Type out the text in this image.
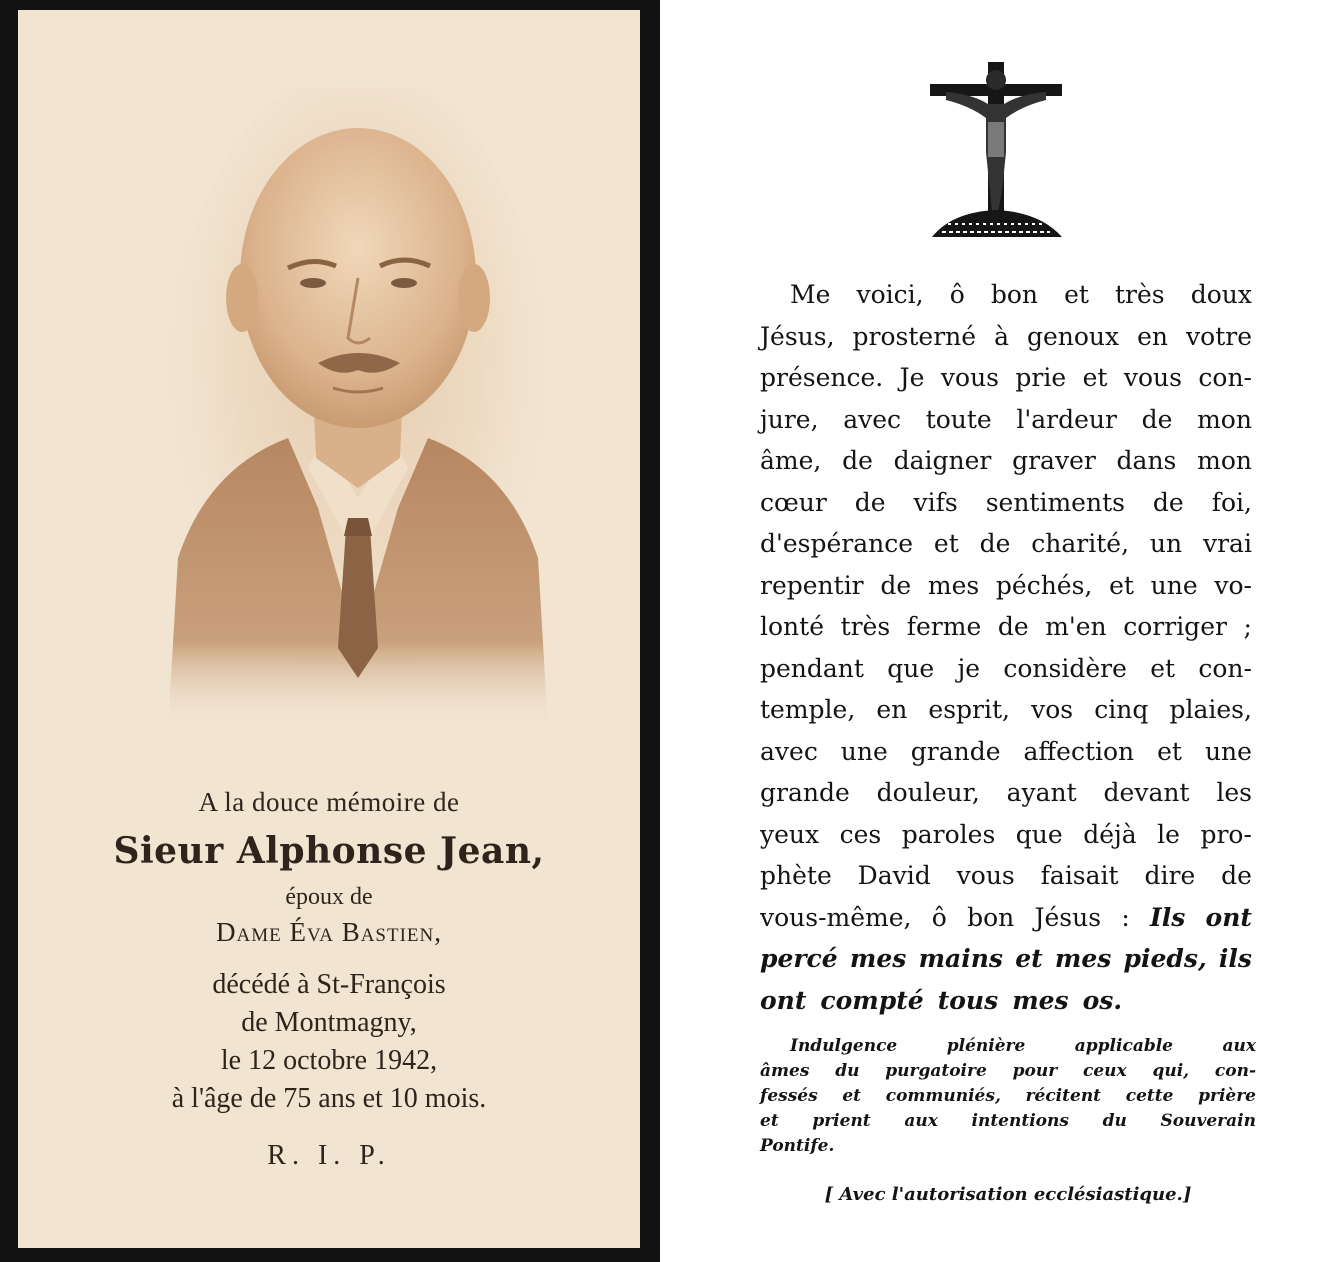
A la douce mémoire de
Sieur Alphonse Jean,
époux de
Dame Éva Bastien,
décédé à St-François
de Montmagny,
le 12 octobre 1942,
à l'âge de 75 ans et 10 mois.
R. I. P.
Me voici, ô bon et très doux
Jésus, prosterné à genoux en votre
présence. Je vous prie et vous con-
jure, avec toute l'ardeur de mon
âme, de daigner graver dans mon
cœur de vifs sentiments de foi,
d'espérance et de charité, un vrai
repentir de mes péchés, et une vo-
lonté très ferme de m'en corriger ;
pendant que je considère et con-
temple, en esprit, vos cinq plaies,
avec une grande affection et une
grande douleur, ayant devant les
yeux ces paroles que déjà le pro-
phète David vous faisait dire de
vous-même, ô bon Jésus : Ils ont
percé mes mains et mes pieds, ils
ont compté tous mes os.
Indulgence	plénière	applicable	aux
âmes du purgatoire pour ceux qui, con-
fessés et communiés, récitent cette prière
et prient aux intentions du Souverain
Pontife.
[ Avec l'autorisation ecclésiastique.]
